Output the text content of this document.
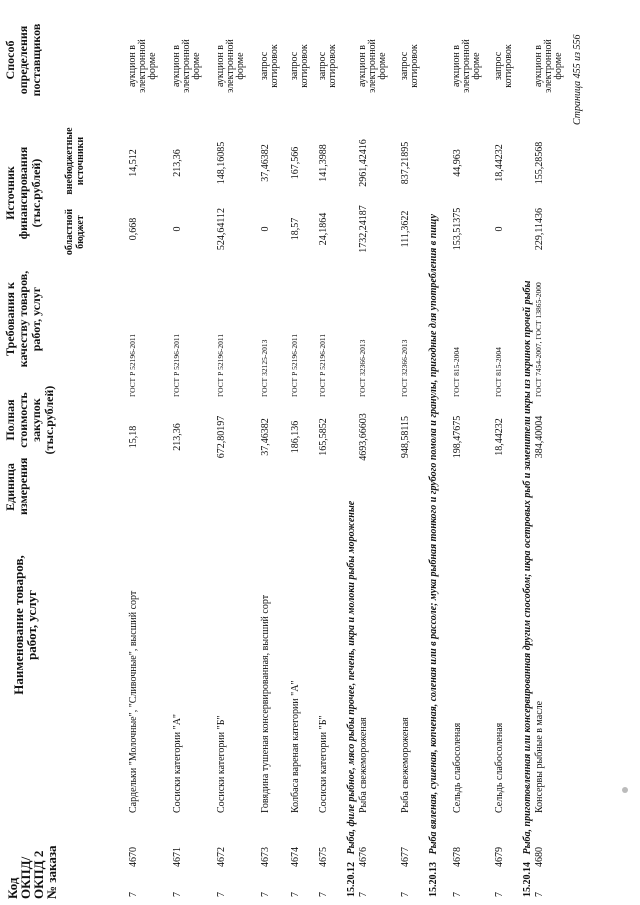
Код
ОКПД/
ОКПД 2
№ заказа
Наименование товаров,
работ, услуг
Единица измерения
Полная стоимость закупок (тыс.рублей)
Требования к качеству товаров, работ, услуг
Источник финансирования (тыс.рублей)
областной бюджет
внебюджетные источники
Способ определения поставщиков
7
4670
Сардельки "Молочные", "Сливочные", высший сорт
15,18
ГОСТ Р 52196-2011
0,668
14,512
аукцион в электронной форме
7
4671
Сосиски категории "А"
213,36
ГОСТ Р 52196-2011
0
213,36
аукцион в электронной форме
7
4672
Сосиски категории "Б"
672,80197
ГОСТ Р 52196-2011
524,64112
148,16085
аукцион в электронной форме
7
4673
Говядина тушеная консервированная, высший сорт
37,46382
ГОСТ 32125-2013
0
37,46382
запрос котировок
7
4674
Колбаса вареная категории "А"
186,136
ГОСТ Р 52196-2011
18,57
167,566
запрос котировок
7
4675
Сосиски категории "Б"
165,5852
ГОСТ Р 52196-2011
24,1864
141,3988
запрос котировок
15.20.12 Рыба, филе рыбное, мясо рыбы прочее, печень, икра и молоки рыбы мороженые
7
4676
Рыба свежемороженая
4693,66603
ГОСТ 32366-2013
1732,24187
2961,42416
аукцион в электронной форме
7
4677
Рыба свежемороженая
948,58115
ГОСТ 32366-2013
111,3622
837,21895
запрос котировок
15.20.13 Рыба вяленая, сушеная, копченая, соленая или в рассоле; мука рыбная тонкого и грубого помола и гранулы, пригодные для употребления в пищу
7
4678
Сельдь слабосоленая
198,47675
ГОСТ 815-2004
153,51375
44,963
аукцион в электронной форме
7
4679
Сельдь слабосоленая
18,44232
ГОСТ 815-2004
0
18,44232
запрос котировок
15.20.14 Рыба, приготовленная или консервированная другим способом; икра осетровых рыб и заменители икры из икринок прочей рыбы
7
4680
Консервы рыбные в масле
384,40004
ГОСТ 7454-2007, ГОСТ 13865-2000
229,11436
155,28568
аукцион в электронной форме Страница 455 из 556
